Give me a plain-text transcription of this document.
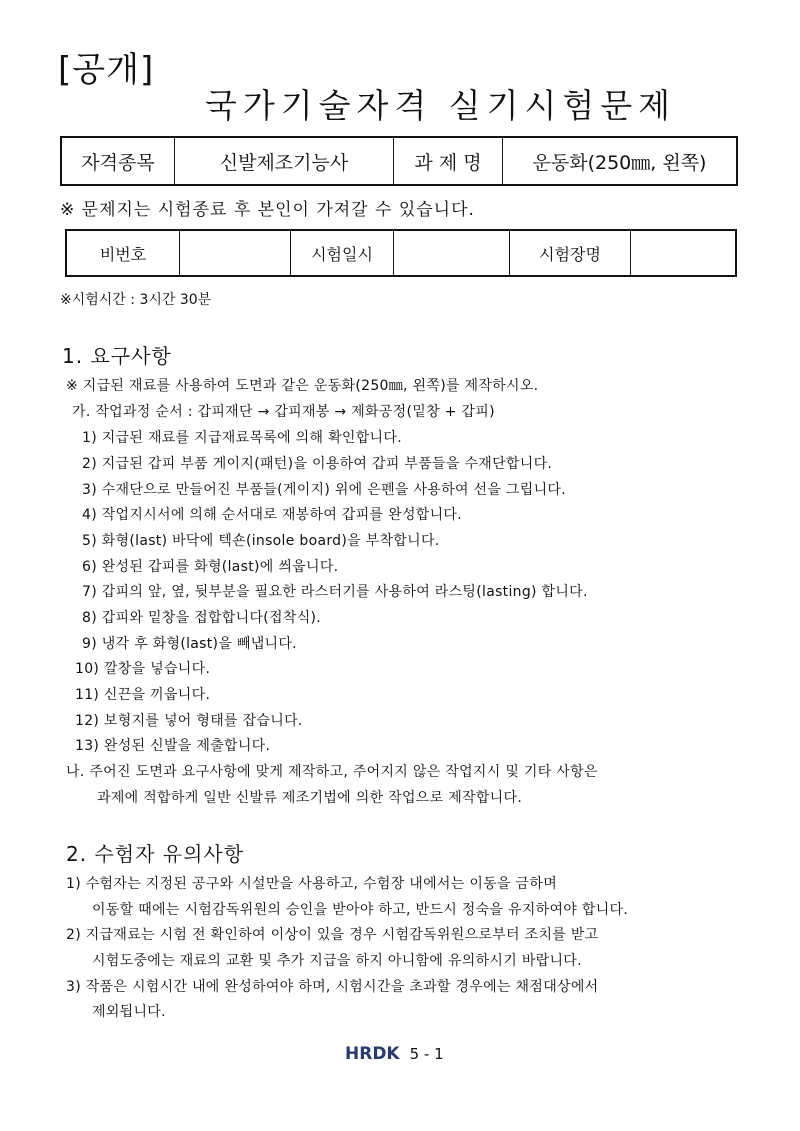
[공개]
국가기술자격 실기시험문제
자격종목	신발제조기능사	과 제 명	운동화(250㎜, 왼쪽)
※ 문제지는 시험종료 후 본인이 가져갈 수 있습니다.
비번호		시험일시		시험장명	
※시험시간 : 3시간 30분
1. 요구사항
※ 지급된 재료를 사용하여 도면과 같은 운동화(250㎜, 왼쪽)를 제작하시오.
가. 작업과정 순서 : 갑피재단 → 갑피재봉 → 제화공정(밑창 + 갑피)
1) 지급된 재료를 지급재료목록에 의해 확인합니다.
2) 지급된 갑피 부품 게이지(패턴)을 이용하여 갑피 부품들을 수재단합니다.
3) 수재단으로 만들어진 부품들(게이지) 위에 은펜을 사용하여 선을 그립니다.
4) 작업지시서에 의해 순서대로 재봉하여 갑피를 완성합니다.
5) 화형(last) 바닥에 텍숀(insole board)을 부착합니다.
6) 완성된 갑피를 화형(last)에 씌웁니다.
7) 갑피의 앞, 옆, 뒷부분을 필요한 라스터기를 사용하여 라스팅(lasting) 합니다.
8) 갑피와 밑창을 접합합니다(접착식).
9) 냉각 후 화형(last)을 빼냅니다.
10) 깔창을 넣습니다.
11) 신끈을 끼웁니다.
12) 보형지를 넣어 형태를 잡습니다.
13) 완성된 신발을 제출합니다.
나. 주어진 도면과 요구사항에 맞게 제작하고, 주어지지 않은 작업지시 및 기타 사항은
과제에 적합하게 일반 신발류 제조기법에 의한 작업으로 제작합니다.
2. 수험자 유의사항
1) 수험자는 지정된 공구와 시설만을 사용하고, 수험장 내에서는 이동을 금하며
이동할 때에는 시험감독위원의 승인을 받아야 하고, 반드시 정숙을 유지하여야 합니다.
2) 지급재료는 시험 전 확인하여 이상이 있을 경우 시험감독위원으로부터 조치를 받고
시험도중에는 재료의 교환 및 추가 지급을 하지 아니함에 유의하시기 바랍니다.
3) 작품은 시험시간 내에 완성하여야 하며, 시험시간을 초과할 경우에는 채점대상에서
제외됩니다.
HRDK 5 - 1
